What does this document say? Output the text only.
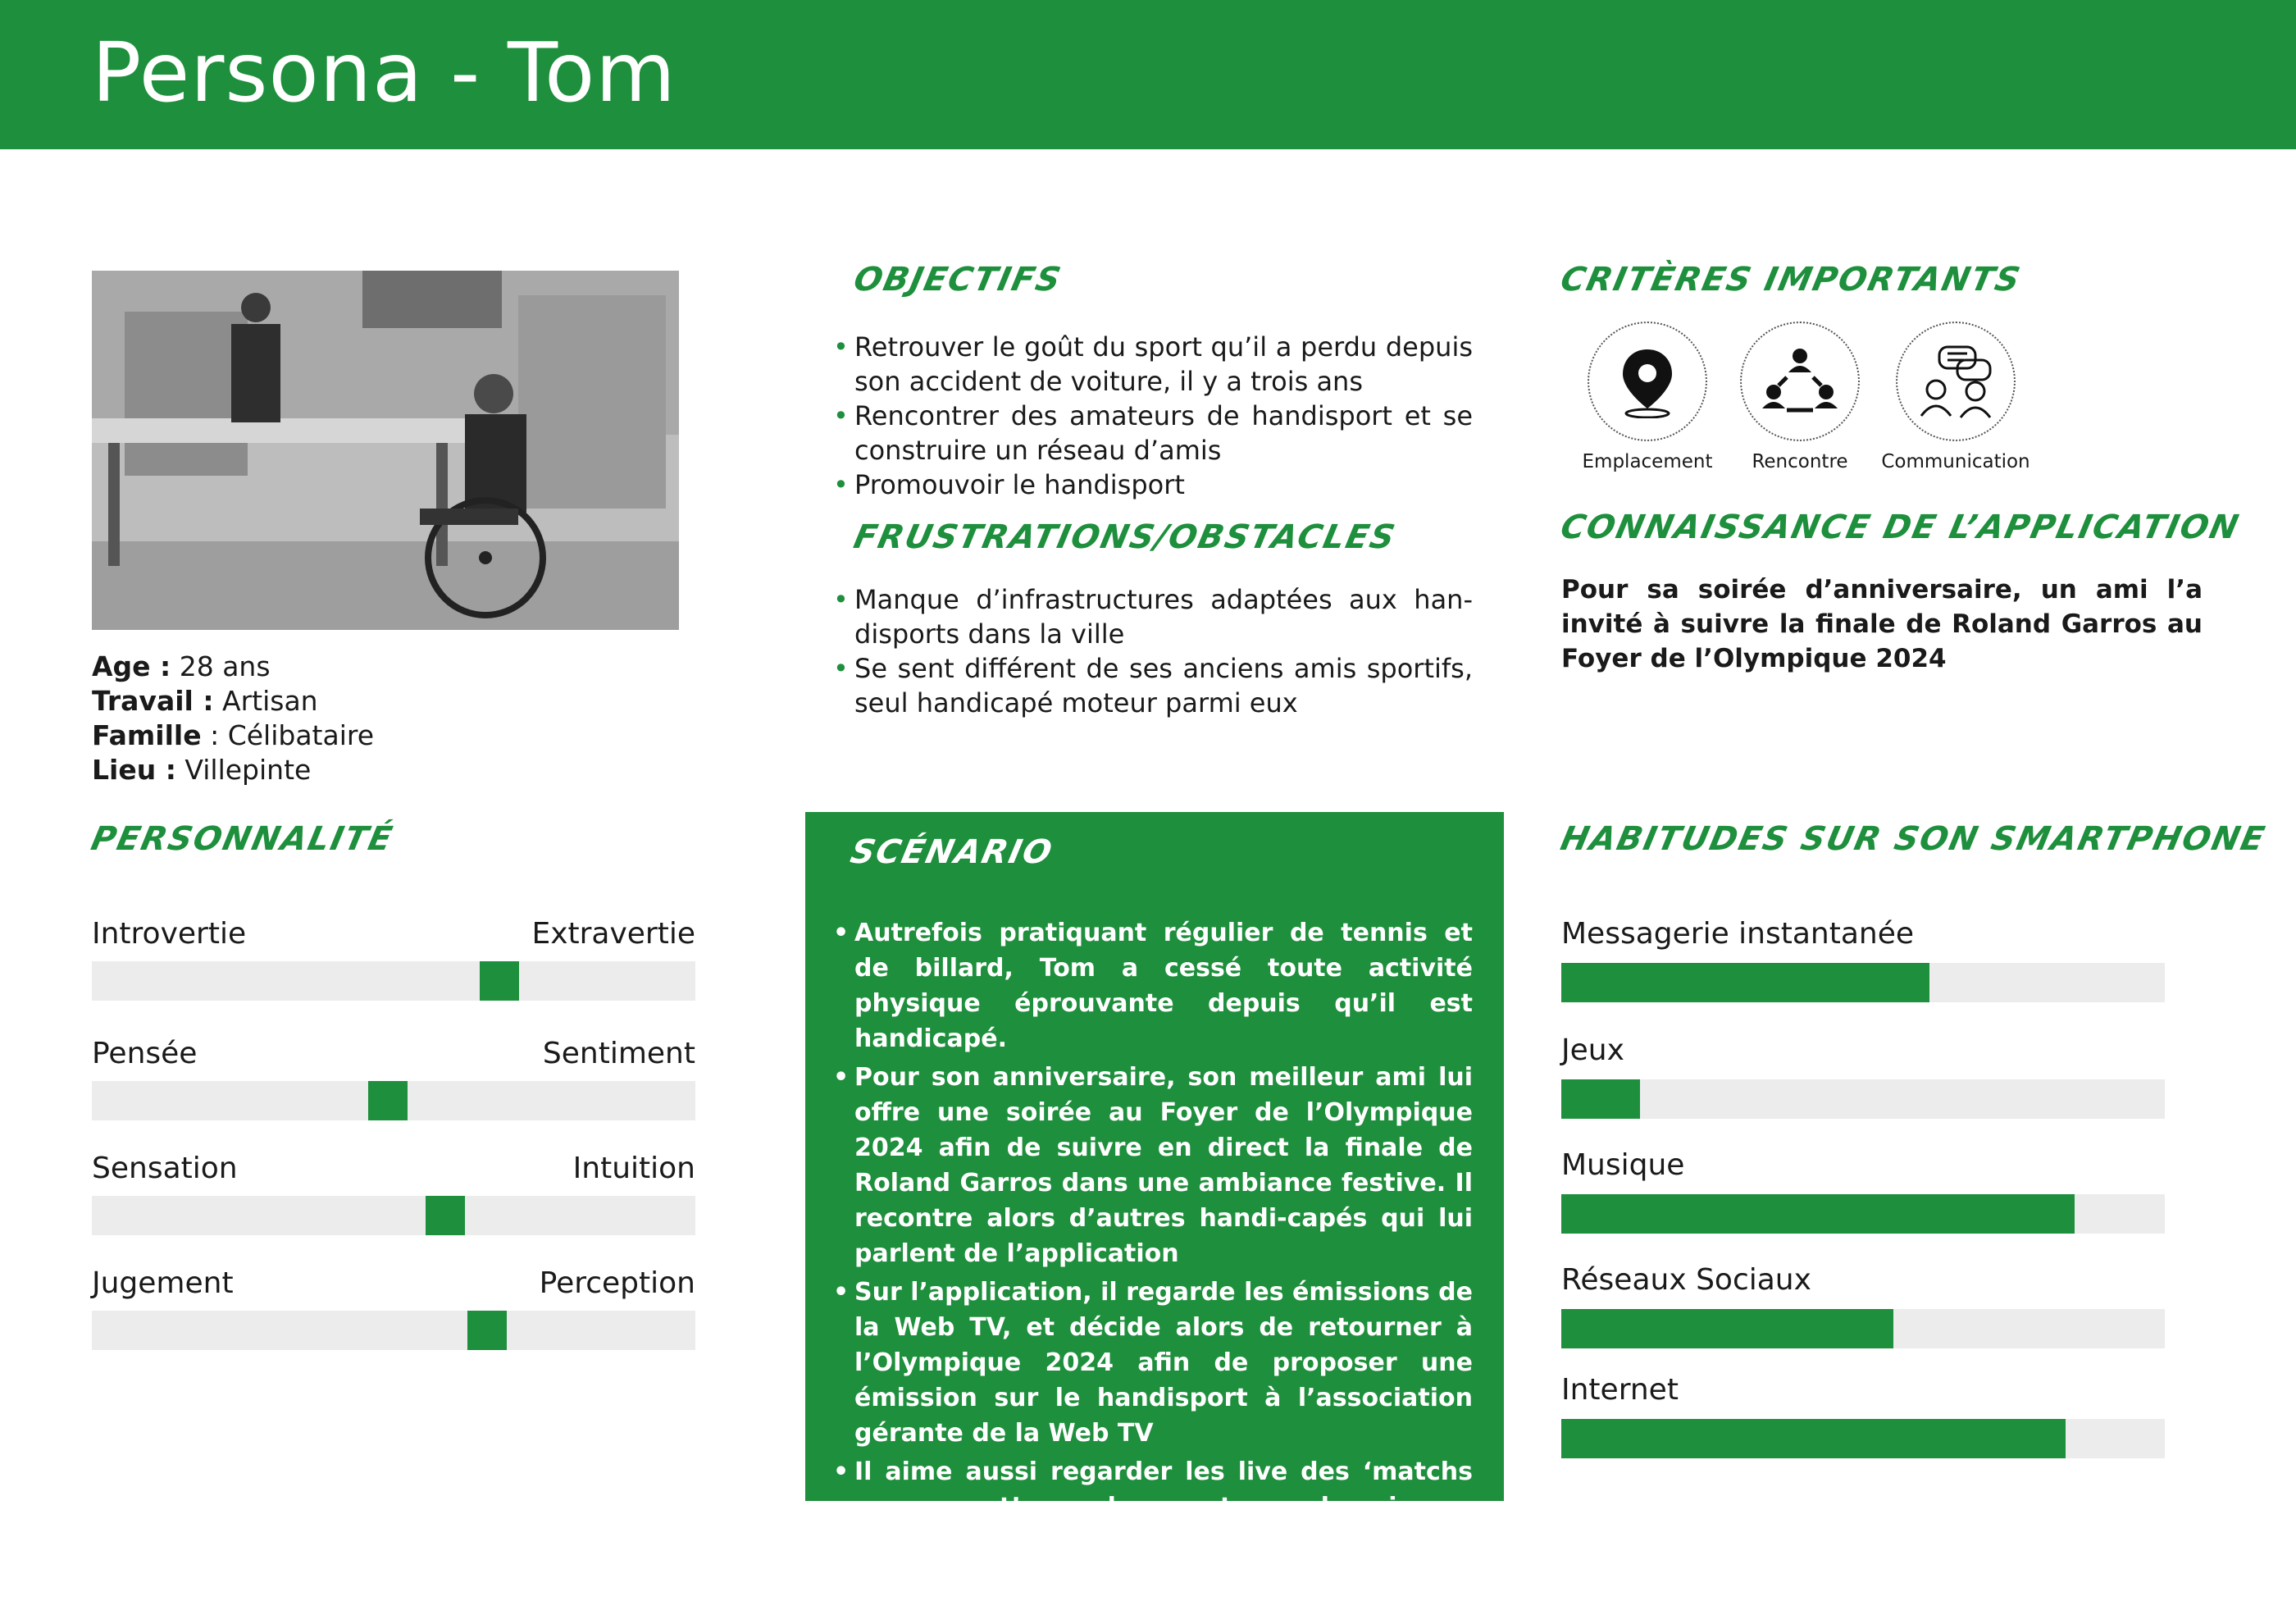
Persona - Tom
Age : 28 ans
Travail : Artisan
Famille : Célibataire
Lieu : Villepinte
OBJECTIFS
• Retrouver le goût du sport qu’il a perdu depuis son accident de voiture, il y a trois ans
• Rencontrer des amateurs de handisport et se construire un réseau d’amis
• Promouvoir le handisport
FRUSTRATIONS/OBSTACLES
• Manque d’infrastructures adaptées aux han-disports dans la ville
• Se sent différent de ses anciens amis sportifs, seul handicapé moteur parmi eux
CRITÈRES IMPORTANTS
Emplacement	Rencontre	Communication
CONNAISSANCE DE L’APPLICATION
Pour sa soirée d’anniversaire, un ami l’a invité à suivre la finale de Roland Garros au Foyer de l’Olympique 2024
PERSONNALITÉ
Introvertie	Extravertie
Pensée	Sentiment
Sensation	Intuition
Jugement	Perception
SCÉNARIO
• Autrefois pratiquant régulier de tennis et de billard, Tom a cessé toute activité physique éprouvante depuis qu’il est handicapé.
• Pour son anniversaire, son meilleur ami lui offre une soirée au Foyer de l’Olympique 2024 afin de suivre en direct la finale de Roland Garros dans une ambiance festive. Il recontre alors d’autres handi-capés qui lui parlent de l’application
• Sur l’application, il regarde les émissions de la Web TV, et décide alors de retourner à l’Olympique 2024 afin de proposer une émission sur le handisport à l’association gérante de la Web TV
• Il aime aussi regarder les live des ‘matchs au sommet’ pour les sports paralympiques, matchs souvent trop peu retranscrits sur les chaines de té-lévisions.
HABITUDES SUR SON SMARTPHONE
Messagerie instantanée
Jeux
Musique
Réseaux Sociaux
Internet
